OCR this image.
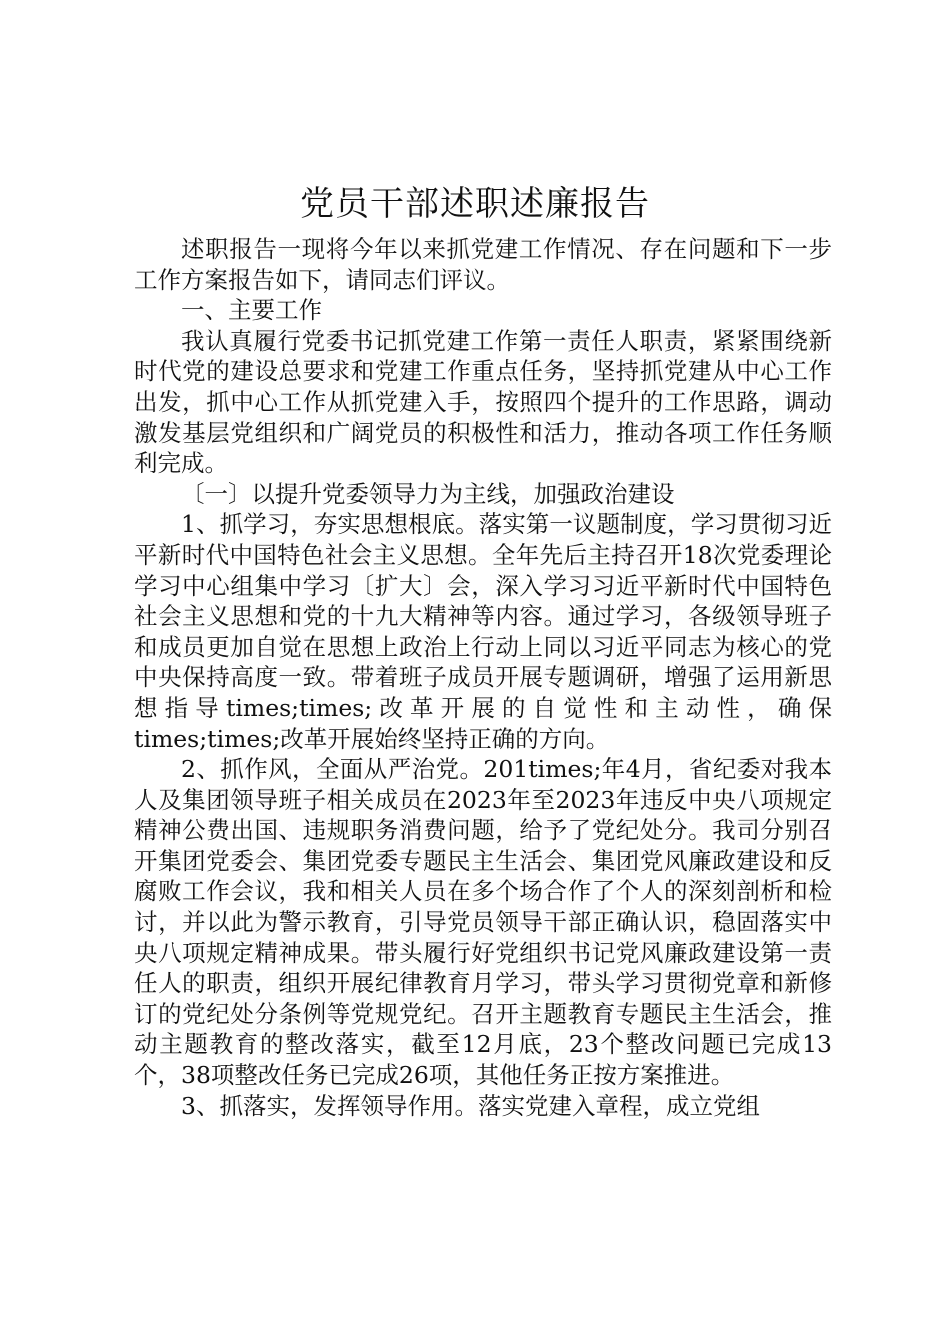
党员干部述职述廉报告

述职报告一现将今年以来抓党建工作情况、存在问题和下一步工作方案报告如下，请同志们评议。

一、主要工作

我认真履行党委书记抓党建工作第一责任人职责，紧紧围绕新时代党的建设总要求和党建工作重点任务，坚持抓党建从中心工作出发，抓中心工作从抓党建入手，按照四个提升的工作思路，调动激发基层党组织和广阔党员的积极性和活力，推动各项工作任务顺利完成。

〔一〕以提升党委领导力为主线，加强政治建设

1、抓学习，夯实思想根底。落实第一议题制度，学习贯彻习近平新时代中国特色社会主义思想。全年先后主持召开18次党委理论学习中心组集中学习〔扩大〕会，深入学习习近平新时代中国特色社会主义思想和党的十九大精神等内容。通过学习，各级领导班子和成员更加自觉在思想上政治上行动上同以习近平同志为核心的党中央保持高度一致。带着班子成员开展专题调研，增强了运用新思想指导times;times;改革开展的自觉性和主动性，确保times;times;改革开展始终坚持正确的方向。

2、抓作风，全面从严治党。201times;年4月，省纪委对我本人及集团领导班子相关成员在2023年至2023年违反中央八项规定精神公费出国、违规职务消费问题，给予了党纪处分。我司分别召开集团党委会、集团党委专题民主生活会、集团党风廉政建设和反腐败工作会议，我和相关人员在多个场合作了个人的深刻剖析和检讨，并以此为警示教育，引导党员领导干部正确认识，稳固落实中央八项规定精神成果。带头履行好党组织书记党风廉政建设第一责任人的职责，组织开展纪律教育月学习，带头学习贯彻党章和新修订的党纪处分条例等党规党纪。召开主题教育专题民主生活会，推动主题教育的整改落实，截至12月底，23个整改问题已完成13个，38项整改任务已完成26项，其他任务正按方案推进。

3、抓落实，发挥领导作用。落实党建入章程，成立党组
